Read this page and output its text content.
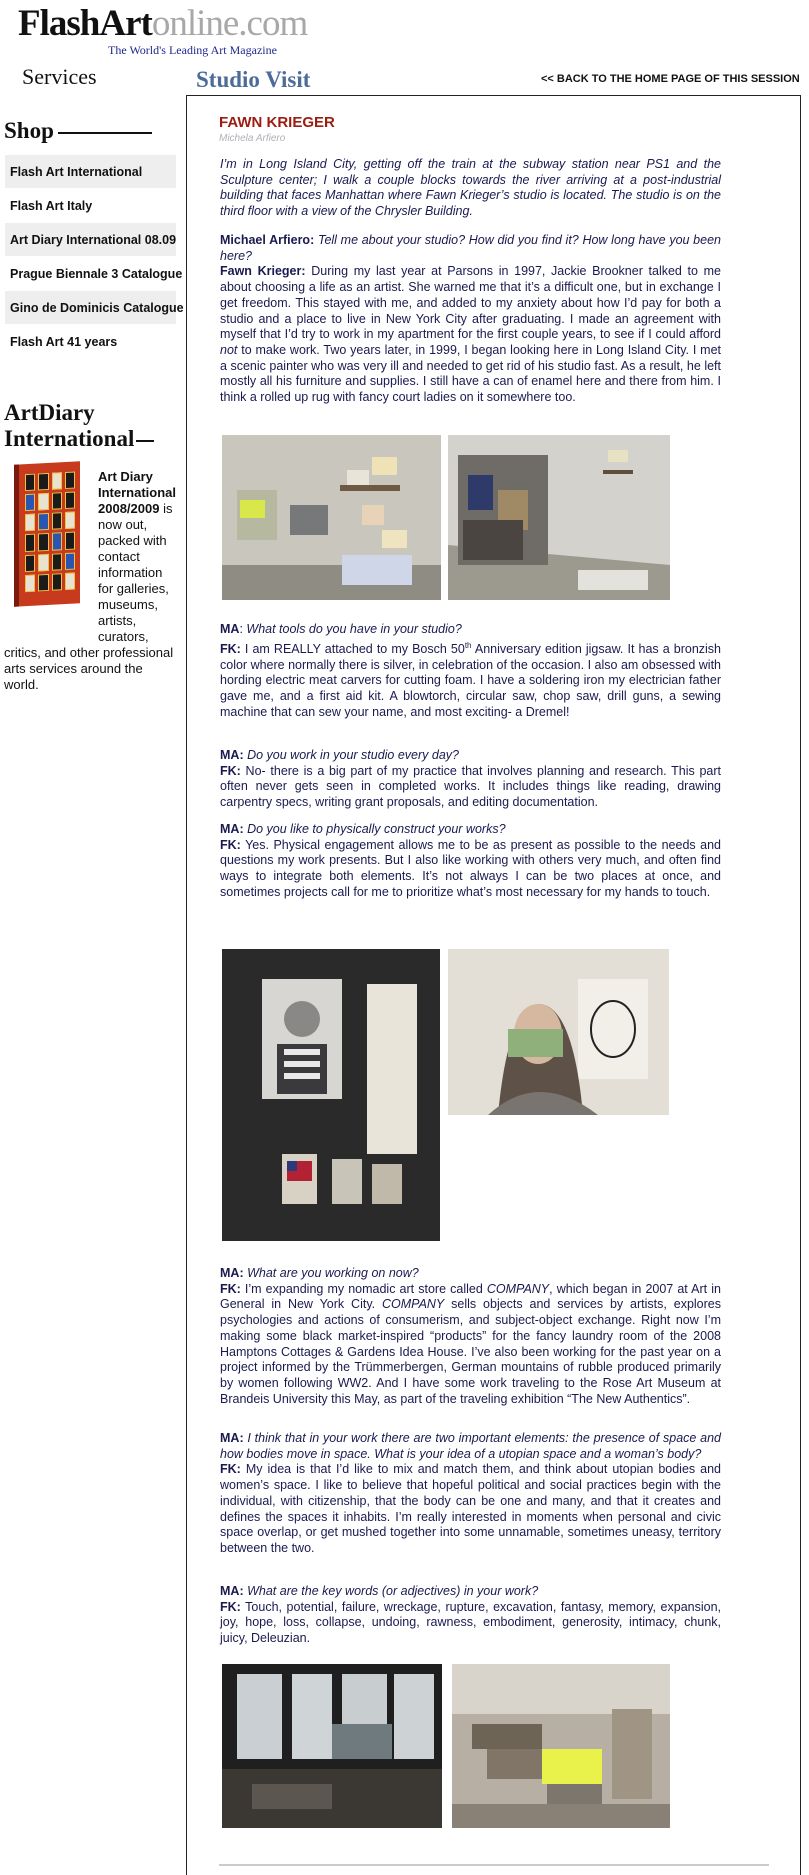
FlashArtonline.com
The World's Leading Art Magazine
Services
Shop
Flash Art International
Flash Art Italy
Art Diary International 08.09
Prague Biennale 3 Catalogue
Gino de Dominicis Catalogue
Flash Art 41 years
ArtDiary
International
Art Diary International 2008/2009 is now out, packed with contact information for galleries, museums, artists, curators, critics, and other professional arts services around the world.
Studio Visit	<< BACK TO THE HOME PAGE OF THIS SESSION
FAWN KRIEGER
Michela Arfiero
I’m in Long Island City, getting off the train at the subway station near PS1 and the Sculpture center; I walk a couple blocks towards the river arriving at a post-industrial building that faces Manhattan where Fawn Krieger’s studio is located. The studio is on the third floor with a view of the Chrysler Building.
Michael Arfiero: Tell me about your studio? How did you find it? How long have you been here?
Fawn Krieger: During my last year at Parsons in 1997, Jackie Brookner talked to me about choosing a life as an artist. She warned me that it’s a difficult one, but in exchange I get freedom. This stayed with me, and added to my anxiety about how I’d pay for both a studio and a place to live in New York City after graduating. I made an agreement with myself that I’d try to work in my apartment for the first couple years, to see if I could afford not to make work. Two years later, in 1999, I began looking here in Long Island City. I met a scenic painter who was very ill and needed to get rid of his studio fast. As a result, he left mostly all his furniture and supplies. I still have a can of enamel here and there from him. I think a rolled up rug with fancy court ladies on it somewhere too.
MA: What tools do you have in your studio?
FK: I am REALLY attached to my Bosch 50th Anniversary edition jigsaw. It has a bronzish color where normally there is silver, in celebration of the occasion. I also am obsessed with hording electric meat carvers for cutting foam. I have a soldering iron my electrician father gave me, and a first aid kit. A blowtorch, circular saw, chop saw, drill guns, a sewing machine that can sew your name, and most exciting- a Dremel!
MA: Do you work in your studio every day?
FK: No- there is a big part of my practice that involves planning and research. This part often never gets seen in completed works. It includes things like reading, drawing carpentry specs, writing grant proposals, and editing documentation.
MA: Do you like to physically construct your works?
FK: Yes. Physical engagement allows me to be as present as possible to the needs and questions my work presents. But I also like working with others very much, and often find ways to integrate both elements. It’s not always I can be two places at once, and sometimes projects call for me to prioritize what’s most necessary for my hands to touch.
MA: What are you working on now?
FK: I’m expanding my nomadic art store called COMPANY, which began in 2007 at Art in General in New York City. COMPANY sells objects and services by artists, explores psychologies and actions of consumerism, and subject-object exchange. Right now I’m making some black market-inspired “products” for the fancy laundry room of the 2008 Hamptons Cottages & Gardens Idea House. I’ve also been working for the past year on a project informed by the Trümmerbergen, German mountains of rubble produced primarily by women following WW2. And I have some work traveling to the Rose Art Museum at Brandeis University this May, as part of the traveling exhibition “The New Authentics”.
MA: I think that in your work there are two important elements: the presence of space and how bodies move in space. What is your idea of a utopian space and a woman’s body?
FK: My idea is that I’d like to mix and match them, and think about utopian bodies and women’s space. I like to believe that hopeful political and social practices begin with the individual, with citizenship, that the body can be one and many, and that it creates and defines the spaces it inhabits. I’m really interested in moments when personal and civic space overlap, or get mushed together into some unnamable, sometimes uneasy, territory between the two.
MA: What are the key words (or adjectives) in your work?
FK: Touch, potential, failure, wreckage, rupture, excavation, fantasy, memory, expansion, joy, hope, loss, collapse, undoing, rawness, embodiment, generosity, intimacy, chunk, juicy, Deleuzian.
